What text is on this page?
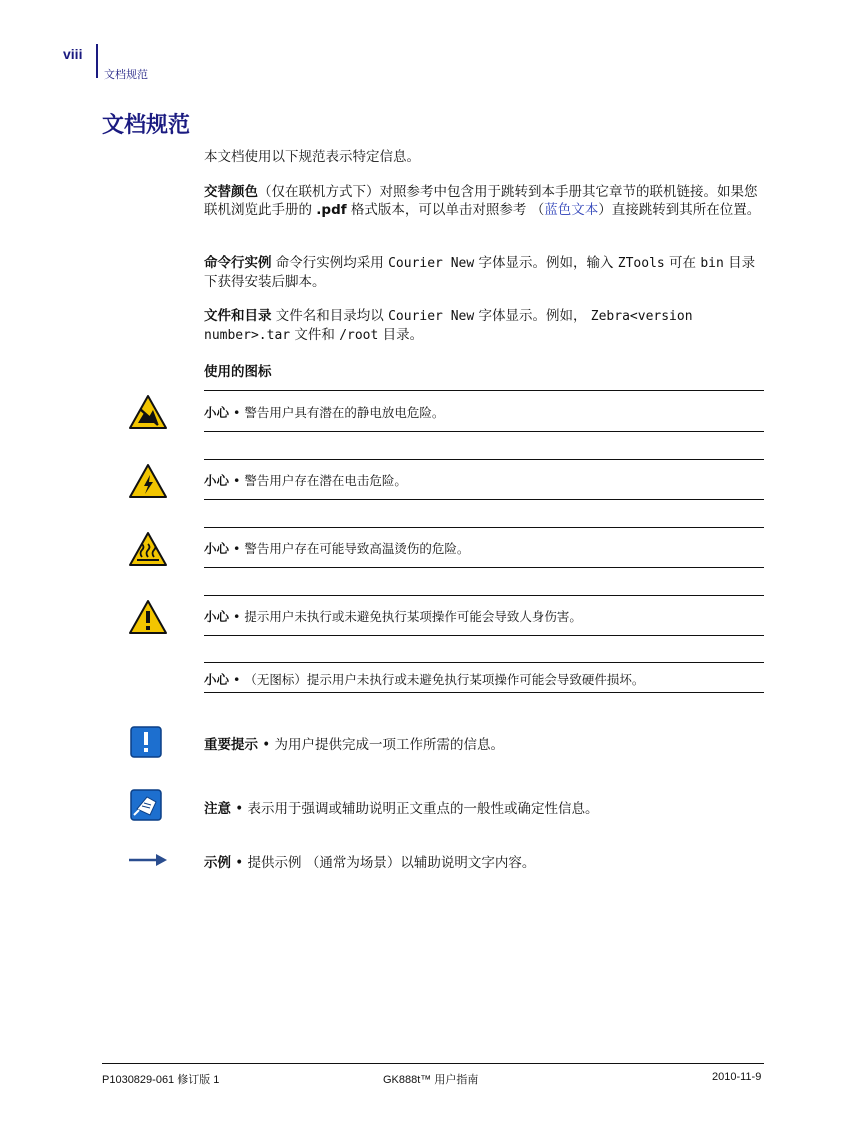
viii
文档规范
文档规范
本文档使用以下规范表示特定信息。
交替颜色（仅在联机方式下）对照参考中包含用于跳转到本手册其它章节的联机链接。如果您联机浏览此手册的 .pdf 格式版本，可以单击对照参考 （蓝色文本）直接跳转到其所在位置。
命令行实例 命令行实例均采用 Courier New 字体显示。例如，输入 ZTools 可在 bin 目录下获得安装后脚本。
文件和目录 文件名和目录均以 Courier New 字体显示。例如， Zebra<version number>.tar 文件和 /root 目录。
使用的图标
小心 • 警告用户具有潜在的静电放电危险。
小心 • 警告用户存在潜在电击危险。
小心 • 警告用户存在可能导致高温烫伤的危险。
小心 • 提示用户未执行或未避免执行某项操作可能会导致人身伤害。
小心 • （无图标）提示用户未执行或未避免执行某项操作可能会导致硬件损坏。
重要提示 • 为用户提供完成一项工作所需的信息。
注意 • 表示用于强调或辅助说明正文重点的一般性或确定性信息。
示例 • 提供示例 （通常为场景）以辅助说明文字内容。
P1030829-061 修订版 1	GK888t™ 用户指南	2010-11-9
